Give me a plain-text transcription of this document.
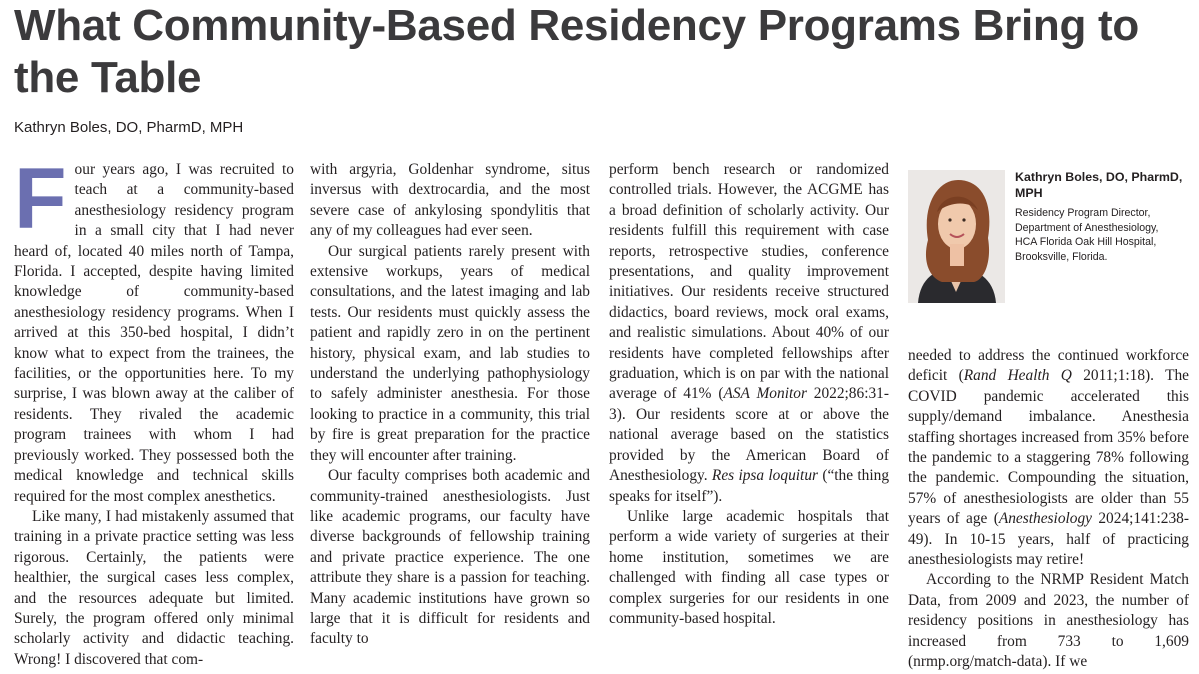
What Community-Based Residency Programs Bring to the Table

Kathryn Boles, DO, PharmD, MPH

Four years ago, I was recruited to teach at a community-based anesthesiology residency program in a small city that I had never heard of, located 40 miles north of Tampa, Florida. I accepted, despite having limited knowledge of community-based anesthesiology residency programs. When I arrived at this 350-bed hospital, I didn’t know what to expect from the trainees, the facilities, or the opportunities here. To my surprise, I was blown away at the caliber of residents. They rivaled the academic program trainees with whom I had previously worked. They possessed both the medical knowledge and technical skills required for the most complex anesthetics.

Like many, I had mistakenly assumed that training in a private practice setting was less rigorous. Certainly, the patients were healthier, the surgical cases less complex, and the resources adequate but limited. Surely, the program offered only minimal scholarly activity and didactic teaching. Wrong! I discovered that com-

with argyria, Goldenhar syndrome, situs inversus with dextrocardia, and the most severe case of ankylosing spondylitis that any of my colleagues had ever seen.

Our surgical patients rarely present with extensive workups, years of medical consultations, and the latest imaging and lab tests. Our residents must quickly assess the patient and rapidly zero in on the pertinent history, physical exam, and lab studies to understand the underlying pathophysiology to safely administer anesthesia. For those looking to practice in a community, this trial by fire is great preparation for the practice they will encounter after training.

Our faculty comprises both academic and community-trained anesthesiologists. Just like academic programs, our faculty have diverse backgrounds of fellowship training and private practice experience. The one attribute they share is a passion for teaching. Many academic institutions have grown so large that it is difficult for residents and faculty to

perform bench research or randomized controlled trials. However, the ACGME has a broad definition of scholarly activity. Our residents fulfill this requirement with case reports, retrospective studies, conference presentations, and quality improvement initiatives. Our residents receive structured didactics, board reviews, mock oral exams, and realistic simulations. About 40% of our residents have completed fellowships after graduation, which is on par with the national average of 41% (ASA Monitor 2022;86:31-3). Our residents score at or above the national average based on the statistics provided by the American Board of Anesthesiology. Res ipsa loquitur (“the thing speaks for itself”).

Unlike large academic hospitals that perform a wide variety of surgeries at their home institution, sometimes we are challenged with finding all case types or complex surgeries for our residents in one community-based hospital.

Kathryn Boles, DO, PharmD, MPH

Residency Program Director,
Department of Anesthesiology,
HCA Florida Oak Hill Hospital,
Brooksville, Florida.

needed to address the continued workforce deficit (Rand Health Q 2011;1:18). The COVID pandemic accelerated this supply/demand imbalance. Anesthesia staffing shortages increased from 35% before the pandemic to a staggering 78% following the pandemic. Compounding the situation, 57% of anesthesiologists are older than 55 years of age (Anesthesiology 2024;141:238-49). In 10-15 years, half of practicing anesthesiologists may retire!

According to the NRMP Resident Match Data, from 2009 and 2023, the number of residency positions in anesthesiology has increased from 733 to 1,609 (nrmp.org/match-data). If we
